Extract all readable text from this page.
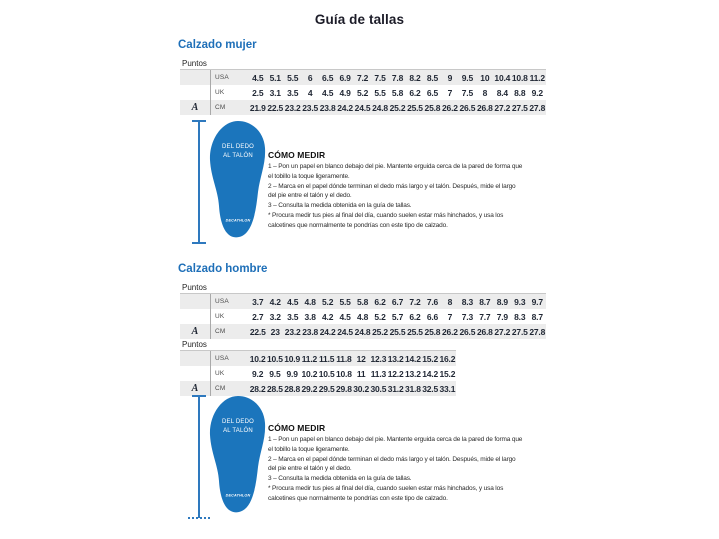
Guía de tallas
Calzado mujer
Puntos
USA	4.5 5.1 5.5	6	6.5 6.9 7.2 7.5 7.8 8.2 8.5	9	9.5 10 10.4 10.8 11.2
UK	2.5 3.1 3.5	4	4.5 4.9 5.2 5.5 5.8 6.2 6.5	7	7.5	8	8.4 8.8 9.2
A	CM	21.9 22.5 23.2 23.5 23.8 24.2 24.5 24.8 25.2 25.5 25.8 26.2 26.5 26.8 27.2 27.5 27.8
DEL DEDO
AL TALÓN
DECATHLON
CÓMO MEDIR

1 – Pon un papel en blanco debajo del pie. Mantente erguida cerca de la pared de forma que el tobillo la toque ligeramente.

2 – Marca en el papel dónde terminan el dedo más largo y el talón. Después, mide el largo del pie entre el talón y el dedo.

3 – Consulta la medida obtenida en la guía de tallas.

* Procura medir tus pies al final del día, cuando suelen estar más hinchados, y usa los calcetines que normalmente te pondrías con este tipo de calzado.

Calzado hombre
Puntos
USA	3.7 4.2 4.5 4.8 5.2 5.5 5.8 6.2 6.7 7.2 7.6	8	8.3 8.7 8.9 9.3 9.7
UK	2.7 3.2 3.5 3.8 4.2 4.5 4.8 5.2 5.7 6.2 6.6	7	7.3 7.7 7.9 8.3 8.7
A	CM	22.5 23 23.2 23.8 24.2 24.5 24.8 25.2 25.5 25.5 25.8 26.2 26.5 26.8 27.2 27.5 27.8
Puntos
USA	10.2 10.5 10.9 11.2 11.5 11.8 12 12.3 13.2 14.2 15.2 16.2
UK	9.2 9.5 9.9 10.2 10.5 10.8 11 11.3 12.2 13.2 14.2 15.2
A	CM	28.2 28.5 28.8 29.2 29.5 29.8 30.2 30.5 31.2 31.8 32.5 33.1
DEL DEDO
AL TALÓN
DECATHLON
CÓMO MEDIR

1 – Pon un papel en blanco debajo del pie. Mantente erguida cerca de la pared de forma que el tobillo la toque ligeramente.

2 – Marca en el papel dónde terminan el dedo más largo y el talón. Después, mide el largo del pie entre el talón y el dedo.

3 – Consulta la medida obtenida en la guía de tallas.

* Procura medir tus pies al final del día, cuando suelen estar más hinchados, y usa los calcetines que normalmente te pondrías con este tipo de calzado.
